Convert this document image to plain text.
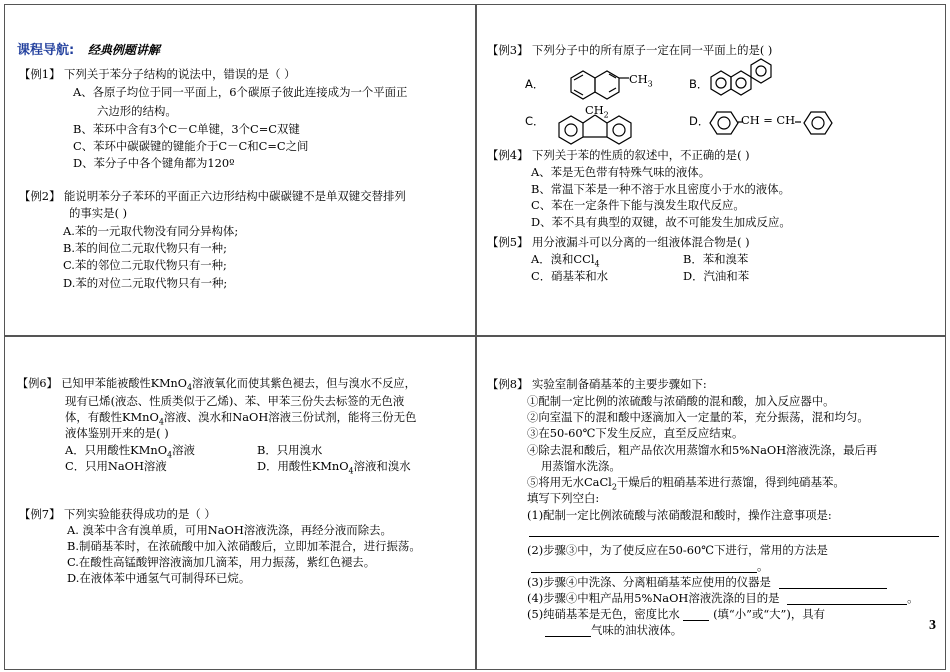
课程导航: 经典例题讲解
【例1】 下列关于苯分子结构的说法中，错误的是（ ）
A、各原子均位于同一平面上，6个碳原子彼此连接成为一个平面正
六边形的结构。
B、苯环中含有3个C－C单键，3个C=C双键
C、苯环中碳碳键的键能介于C－C和C=C之间
D、苯分子中各个键角都为120º
【例2】 能说明苯分子苯环的平面正六边形结构中碳碳键不是单双键交替排列
的事实是( )
A.苯的一元取代物没有同分异构体;
B.苯的间位二元取代物只有一种;
C.苯的邻位二元取代物只有一种;
D.苯的对位二元取代物只有一种;
【例3】 下列分子中的所有原子一定在同一平面上的是( )
A．	$CH_3$	B．
C．
$CH_2$	D．	CH = CH
【例4】 下列关于苯的性质的叙述中，不正确的是( )
A、苯是无色带有特殊气味的液体。
B、常温下苯是一种不溶于水且密度小于水的液体。
C、苯在一定条件下能与溴发生取代反应。
D、苯不具有典型的双键，故不可能发生加成反应。
【例5】 用分液漏斗可以分离的一组液体混合物是( )
A．溴和CCl$_4$	B．苯和溴苯
C．硝基苯和水	D．汽油和苯
【例6】 已知甲苯能被酸性KMnO$_4$溶液氧化而使其紫色褪去，但与溴水不反应，
现有已烯(液态、性质类似于乙烯)、苯、甲苯三份失去标签的无色液
体，有酸性KMnO$_4$溶液、溴水和NaOH溶液三份试剂，能将三份无色
液体鉴别开来的是( )
A．只用酸性KMnO$_4$溶液	B．只用溴水
C．只用NaOH溶液	D．用酸性KMnO$_4$溶液和溴水
【例7】 下列实验能获得成功的是（ ）
A. 溴苯中含有溴单质，可用NaOH溶液洗涤，再经分液而除去。
B.制硝基苯时，在浓硫酸中加入浓硝酸后，立即加苯混合，进行振荡。
C.在酸性高锰酸钾溶液滴加几滴苯，用力振荡，紫红色褪去。
D.在液体苯中通氢气可制得环已烷。
【例8】 实验室制备硝基苯的主要步骤如下:
①配制一定比例的浓硫酸与浓硝酸的混和酸，加入反应器中。
②向室温下的混和酸中逐滴加入一定量的苯，充分振荡，混和均匀。
③在50-60℃下发生反应，直至反应结束。
④除去混和酸后，粗产品依次用蒸馏水和5%NaOH溶液洗涤，最后再
用蒸馏水洗涤。
⑤将用无水CaCl$_2$干燥后的粗硝基苯进行蒸馏，得到纯硝基苯。
填写下列空白:
(1)配制一定比例浓硫酸与浓硝酸混和酸时，操作注意事项是:
(2)步骤③中，为了使反应在50-60℃下进行，常用的方法是
。
(3)步骤④中洗涤、分离粗硝基苯应使用的仪器是
(4)步骤④中粗产品用5%NaOH溶液洗涤的目的是	。
(5)纯硝基苯是无色，密度比水	(填“小”或“大”)，具有
气味的油状液体。	3
